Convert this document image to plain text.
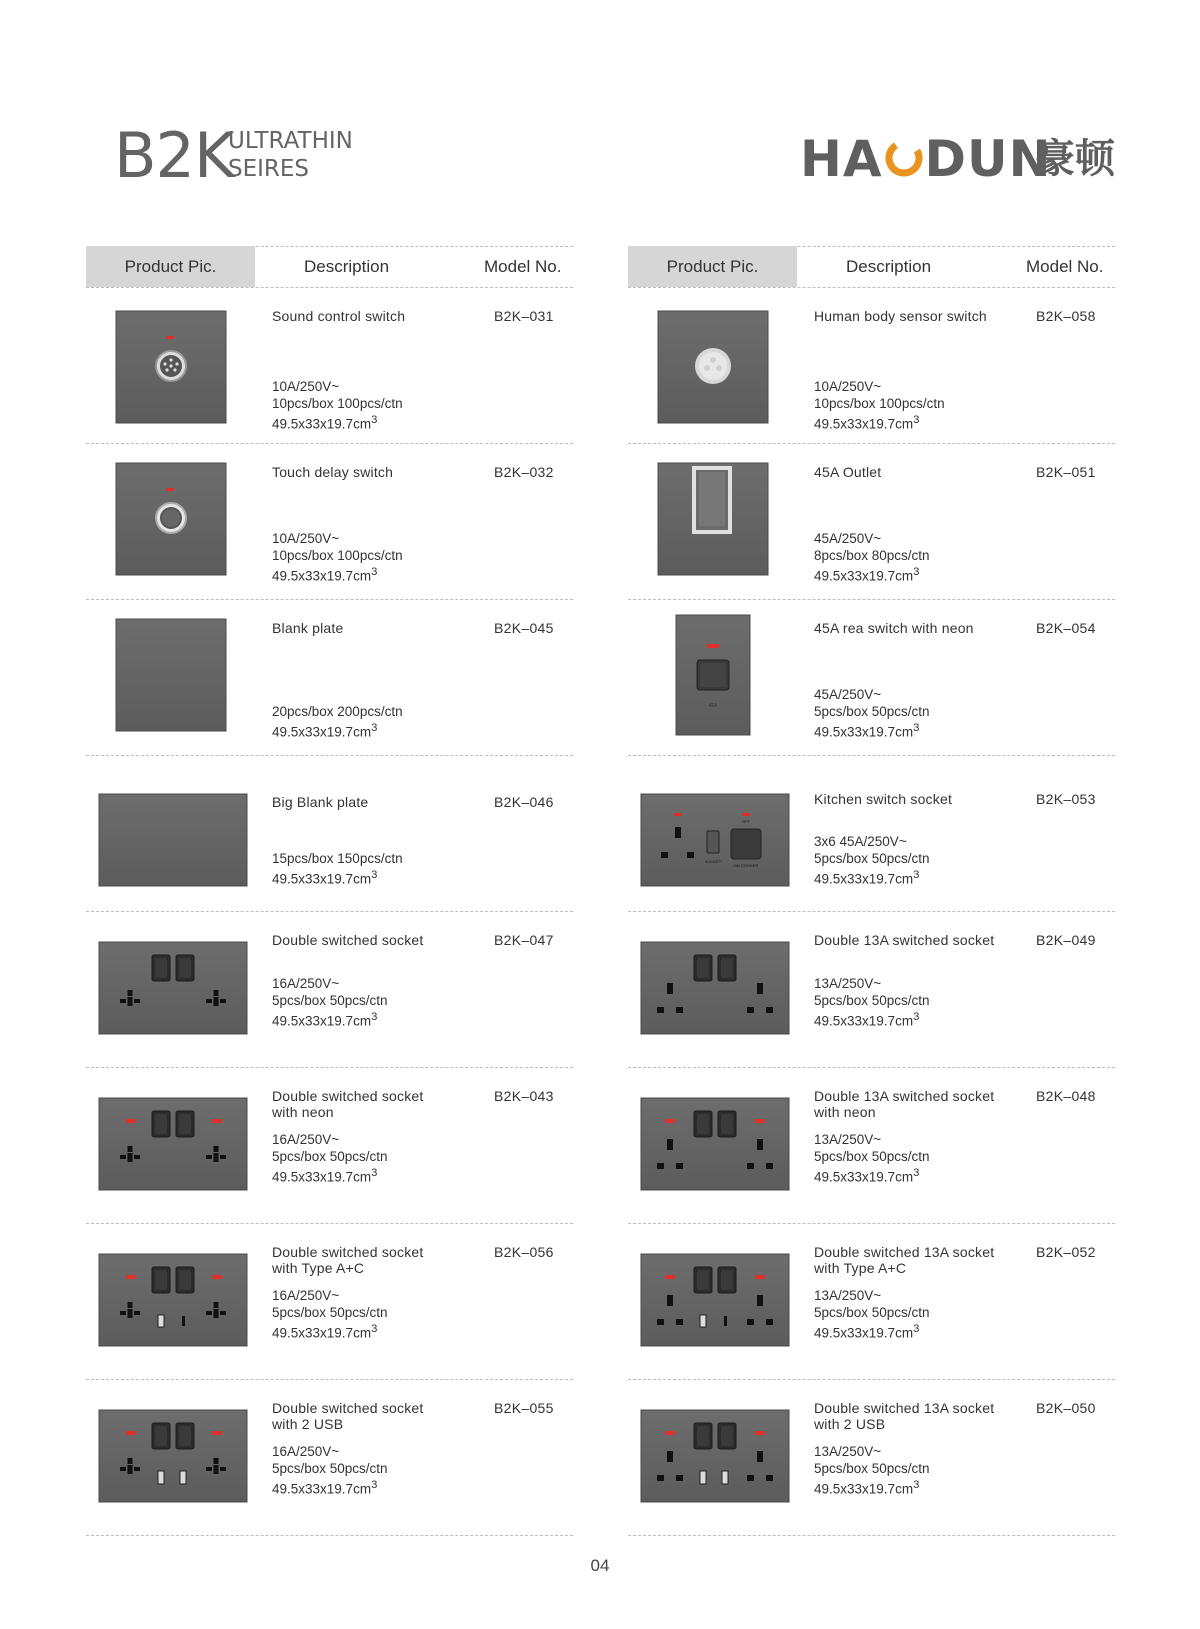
B2K
ULTRATHIN
SEIRES	HA DUN
豪顿
Product Pic.	Description	Model No.
Sound control switch	B2K–031
10A/250V~
10pcs/box 100pcs/ctn
$49.5x33x19.7cm^3$
Touch delay switch	B2K–032
10A/250V~
10pcs/box 100pcs/ctn
$49.5x33x19.7cm^3$
Blank plate	B2K–045
20pcs/box 200pcs/ctn
$49.5x33x19.7cm^3$
Big Blank plate	B2K–046
15pcs/box 150pcs/ctn
$49.5x33x19.7cm^3$
Double switched socket	B2K–047
16A/250V~
5pcs/box 50pcs/ctn
$49.5x33x19.7cm^3$
Double switched socket with neon
B2K–043
16A/250V~
5pcs/box 50pcs/ctn
$49.5x33x19.7cm^3$
Double switched socket with Type A+C
B2K–056
16A/250V~
5pcs/box 50pcs/ctn
$49.5x33x19.7cm^3$
Double switched socket with 2 USB
B2K–055
16A/250V~
5pcs/box 50pcs/ctn
$49.5x33x19.7cm^3$
Product Pic.	Description	Model No.
Human body sensor switch	B2K–058
10A/250V~
10pcs/box 100pcs/ctn
$49.5x33x19.7cm^3$
45A Outlet	B2K–051
45A/250V~
8pcs/box 80pcs/ctn
$49.5x33x19.7cm^3$
45A
45A rea switch with neon	B2K–054
45A/250V~
5pcs/box 50pcs/ctn
$49.5x33x19.7cm^3$
OFF
SOCKET
ON COOKER
Kitchen switch socket	B2K–053
3x6 45A/250V~
5pcs/box 50pcs/ctn
$49.5x33x19.7cm^3$
Double 13A switched socket	B2K–049
13A/250V~
5pcs/box 50pcs/ctn
$49.5x33x19.7cm^3$
Double 13A switched socket with neon
B2K–048
13A/250V~
5pcs/box 50pcs/ctn
$49.5x33x19.7cm^3$
Double switched 13A socket with Type A+C
B2K–052
13A/250V~
5pcs/box 50pcs/ctn
$49.5x33x19.7cm^3$
Double switched 13A socket with 2 USB
B2K–050
13A/250V~
5pcs/box 50pcs/ctn
$49.5x33x19.7cm^3$
04
